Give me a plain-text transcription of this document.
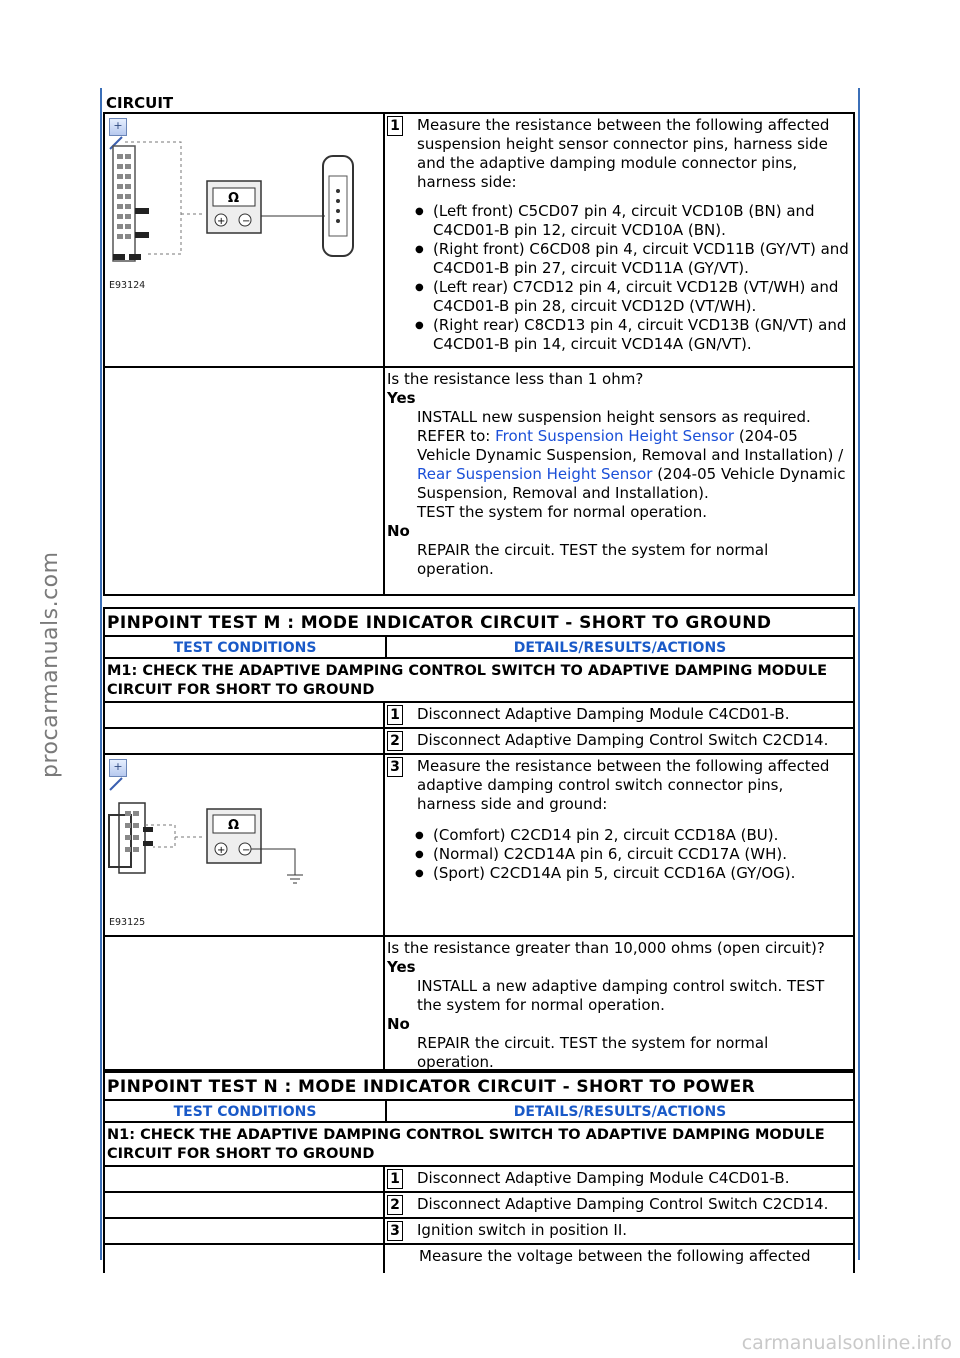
procarmanuals.com
carmanualsonline.info
CIRCUIT
+
Ω
+ −
E93124
1 Measure the resistance between the following affected suspension height sensor connector pins, harness side and the adaptive damping module connector pins, harness side:
● (Left front) C5CD07 pin 4, circuit VCD10B (BN) and C4CD01-B pin 12, circuit VCD10A (BN).
● (Right front) C6CD08 pin 4, circuit VCD11B (GY/VT) and C4CD01-B pin 27, circuit VCD11A (GY/VT).
● (Left rear) C7CD12 pin 4, circuit VCD12B (VT/WH) and C4CD01-B pin 28, circuit VCD12D (VT/WH).
● (Right rear) C8CD13 pin 4, circuit VCD13B (GN/VT) and C4CD01-B pin 14, circuit VCD14A (GN/VT).
Is the resistance less than 1 ohm?
Yes
INSTALL new suspension height sensors as required.
REFER to: Front Suspension Height Sensor (204-05 Vehicle Dynamic Suspension, Removal and Installation) /
Rear Suspension Height Sensor (204-05 Vehicle Dynamic Suspension, Removal and Installation).
TEST the system for normal operation.
No
REPAIR the circuit. TEST the system for normal operation.
PINPOINT TEST M : MODE INDICATOR CIRCUIT - SHORT TO GROUND
TEST CONDITIONS	DETAILS/RESULTS/ACTIONS
M1: CHECK THE ADAPTIVE DAMPING CONTROL SWITCH TO ADAPTIVE DAMPING MODULE CIRCUIT FOR SHORT TO GROUND
1 Disconnect Adaptive Damping Module C4CD01-B.
2 Disconnect Adaptive Damping Control Switch C2CD14.
+
Ω
+ −
E93125
3 Measure the resistance between the following affected adaptive damping control switch connector pins, harness side and ground:
● (Comfort) C2CD14 pin 2, circuit CCD18A (BU).
● (Normal) C2CD14A pin 6, circuit CCD17A (WH).
● (Sport) C2CD14A pin 5, circuit CCD16A (GY/OG).
Is the resistance greater than 10,000 ohms (open circuit)?
Yes
INSTALL a new adaptive damping control switch. TEST the system for normal operation.
No
REPAIR the circuit. TEST the system for normal operation.
PINPOINT TEST N : MODE INDICATOR CIRCUIT - SHORT TO POWER
TEST CONDITIONS	DETAILS/RESULTS/ACTIONS
N1: CHECK THE ADAPTIVE DAMPING CONTROL SWITCH TO ADAPTIVE DAMPING MODULE CIRCUIT FOR SHORT TO GROUND
1 Disconnect Adaptive Damping Module C4CD01-B.
2 Disconnect Adaptive Damping Control Switch C2CD14.
3 Ignition switch in position II.
Measure the voltage between the following affected
